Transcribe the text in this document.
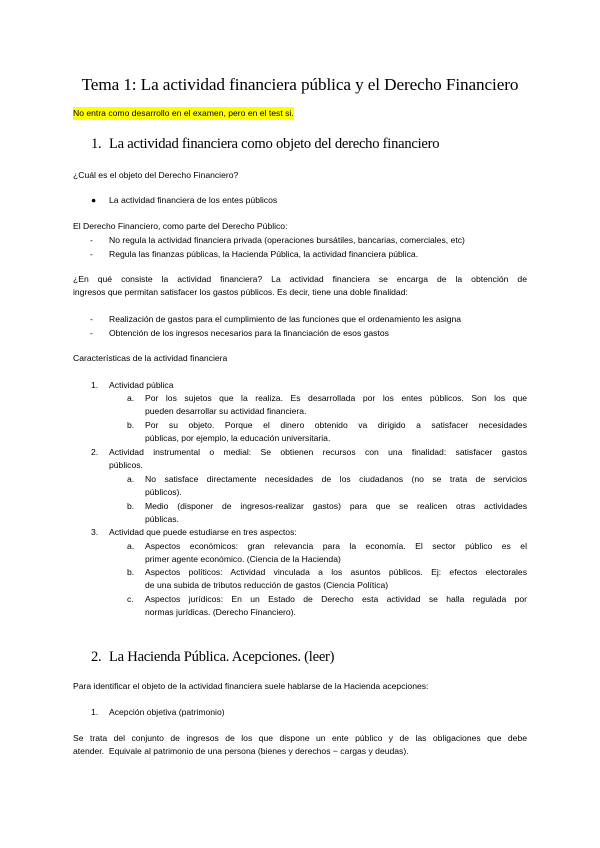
Tema 1: La actividad financiera pública y el Derecho Financiero
No entra como desarrollo en el examen, pero en el test si.
1. La actividad financiera como objeto del derecho financiero
¿Cuál es el objeto del Derecho Financiero?
● La actividad financiera de los entes públicos
El Derecho Financiero, como parte del Derecho Público:
- No regula la actividad financiera privada (operaciones bursátiles, bancarias, comerciales, etc)
- Regula las finanzas públicas, la Hacienda Pública, la actividad financiera pública.
¿En qué consiste la actividad financiera? La actividad financiera se encarga de la obtención de
ingresos que permitan satisfacer los gastos públicos. Es decir, tiene una doble finalidad:
- Realización de gastos para el cumplimiento de las funciones que el ordenamiento les asigna
- Obtención de los ingresos necesarios para la financiación de esos gastos
Características de la actividad financiera
1. Actividad pública
a. Por los sujetos que la realiza. Es desarrollada por los entes públicos. Son los que
pueden desarrollar su actividad financiera.
b. Por su objeto. Porque el dinero obtenido va dirigido a satisfacer necesidades
públicas, por ejemplo, la educación universitaria.
2. Actividad instrumental o medial: Se obtienen recursos con una finalidad: satisfacer gastos
públicos.
a. No satisface directamente necesidades de los ciudadanos (no se trata de servicios
públicos).
b. Medio (disponer de ingresos-realizar gastos) para que se realicen otras actividades
públicas.
3. Actividad que puede estudiarse en tres aspectos:
a. Aspectos económicos: gran relevancia para la economía. El sector público es el
primer agente económico. (Ciencia de la Hacienda)
b. Aspectos políticos: Actividad vinculada a los asuntos públicos. Ej: efectos electorales
de una subida de tributos reducción de gastos (Ciencia Política)
c. Aspectos jurídicos: En un Estado de Derecho esta actividad se halla regulada por
normas jurídicas. (Derecho Financiero).
2. La Hacienda Pública. Acepciones. (leer)
Para identificar el objeto de la actividad financiera suele hablarse de la Hacienda acepciones:
1. Acepción objetiva (patrimonio)
Se trata del conjunto de ingresos de los que dispone un ente público y de las obligaciones que debe
atender.  Equivale al patrimonio de una persona (bienes y derechos − cargas y deudas).
